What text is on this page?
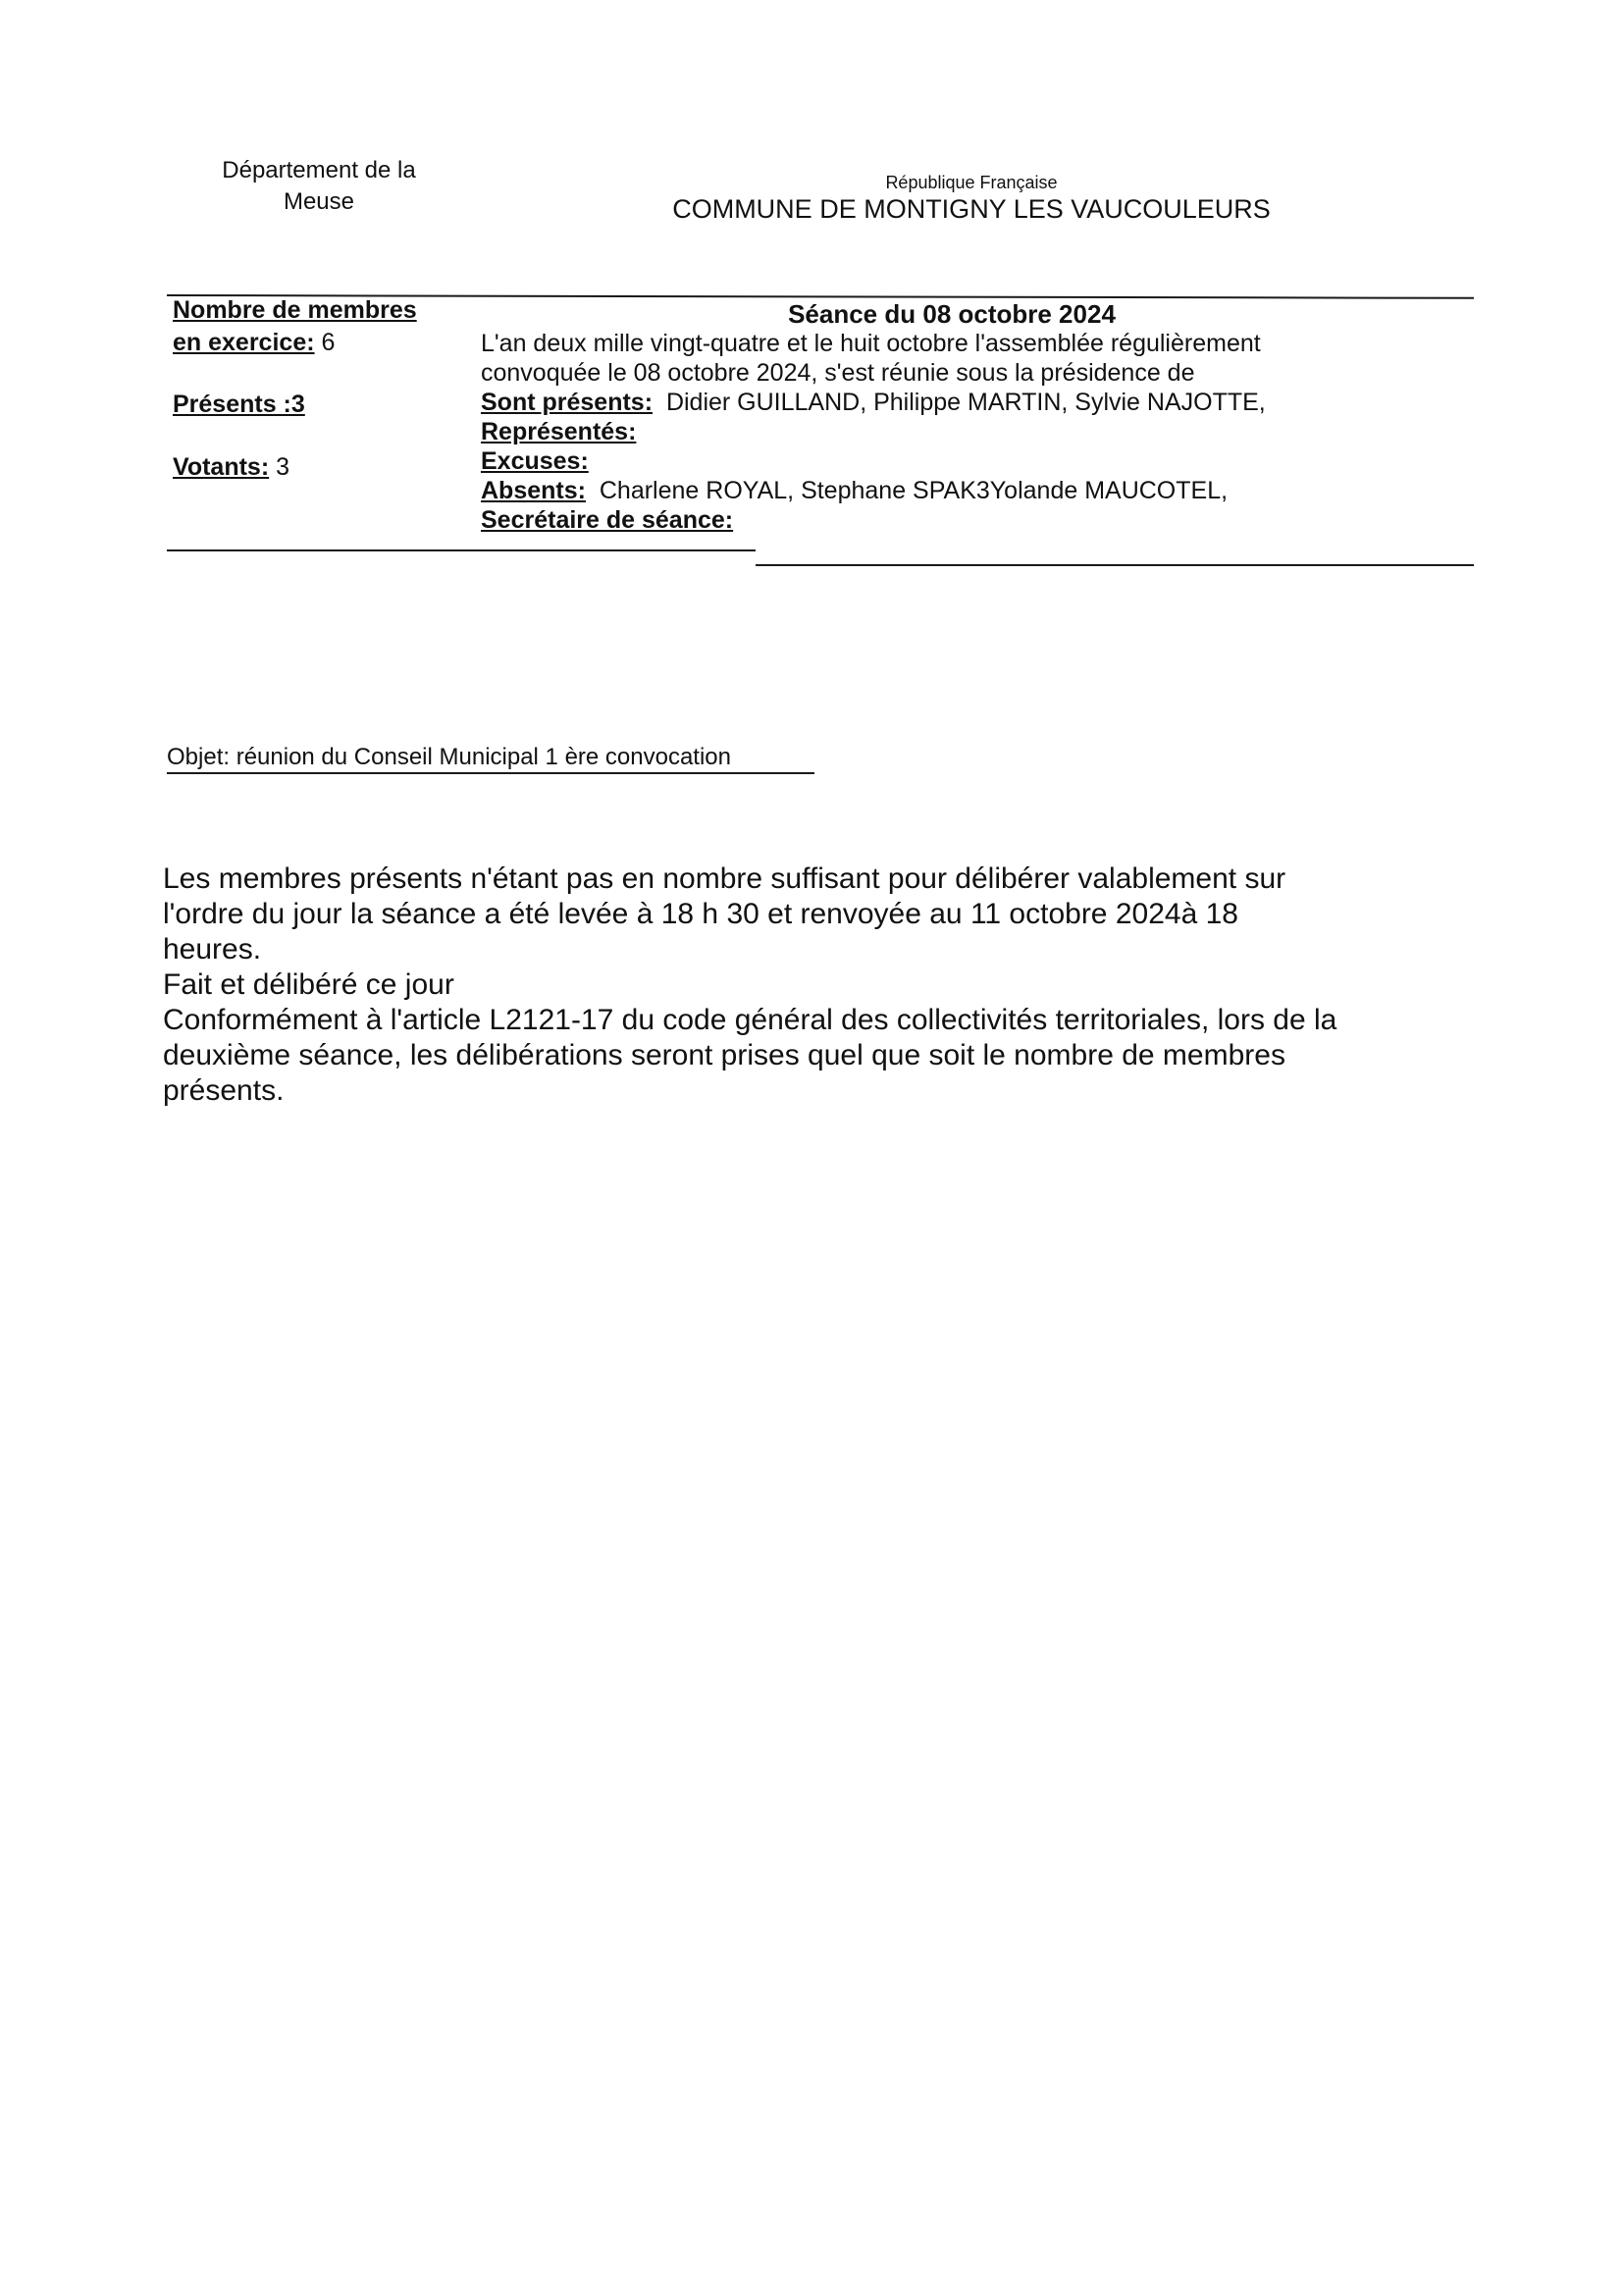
Département de la
Meuse
République Française
COMMUNE DE MONTIGNY LES VAUCOULEURS
Nombre de membres
en exercice: 6
Présents :3
Votants: 3
Séance du 08 octobre 2024
L'an deux mille vingt-quatre et le huit octobre l'assemblée régulièrement
convoquée le 08 octobre 2024, s'est réunie sous la présidence de
Sont présents: Didier GUILLAND, Philippe MARTIN, Sylvie NAJOTTE,
Représentés:
Excuses:
Absents: Charlene ROYAL, Stephane SPAK3Yolande MAUCOTEL,
Secrétaire de séance:
Objet: réunion du Conseil Municipal 1 ère convocation

Les membres présents n'étant pas en nombre suffisant pour délibérer valablement sur

l'ordre du jour la séance a été levée à 18 h 30 et renvoyée au 11 octobre 2024à 18

heures.

Fait et délibéré ce jour

Conformément à l'article L2121-17 du code général des collectivités territoriales, lors de la

deuxième séance, les délibérations seront prises quel que soit le nombre de membres

présents.
